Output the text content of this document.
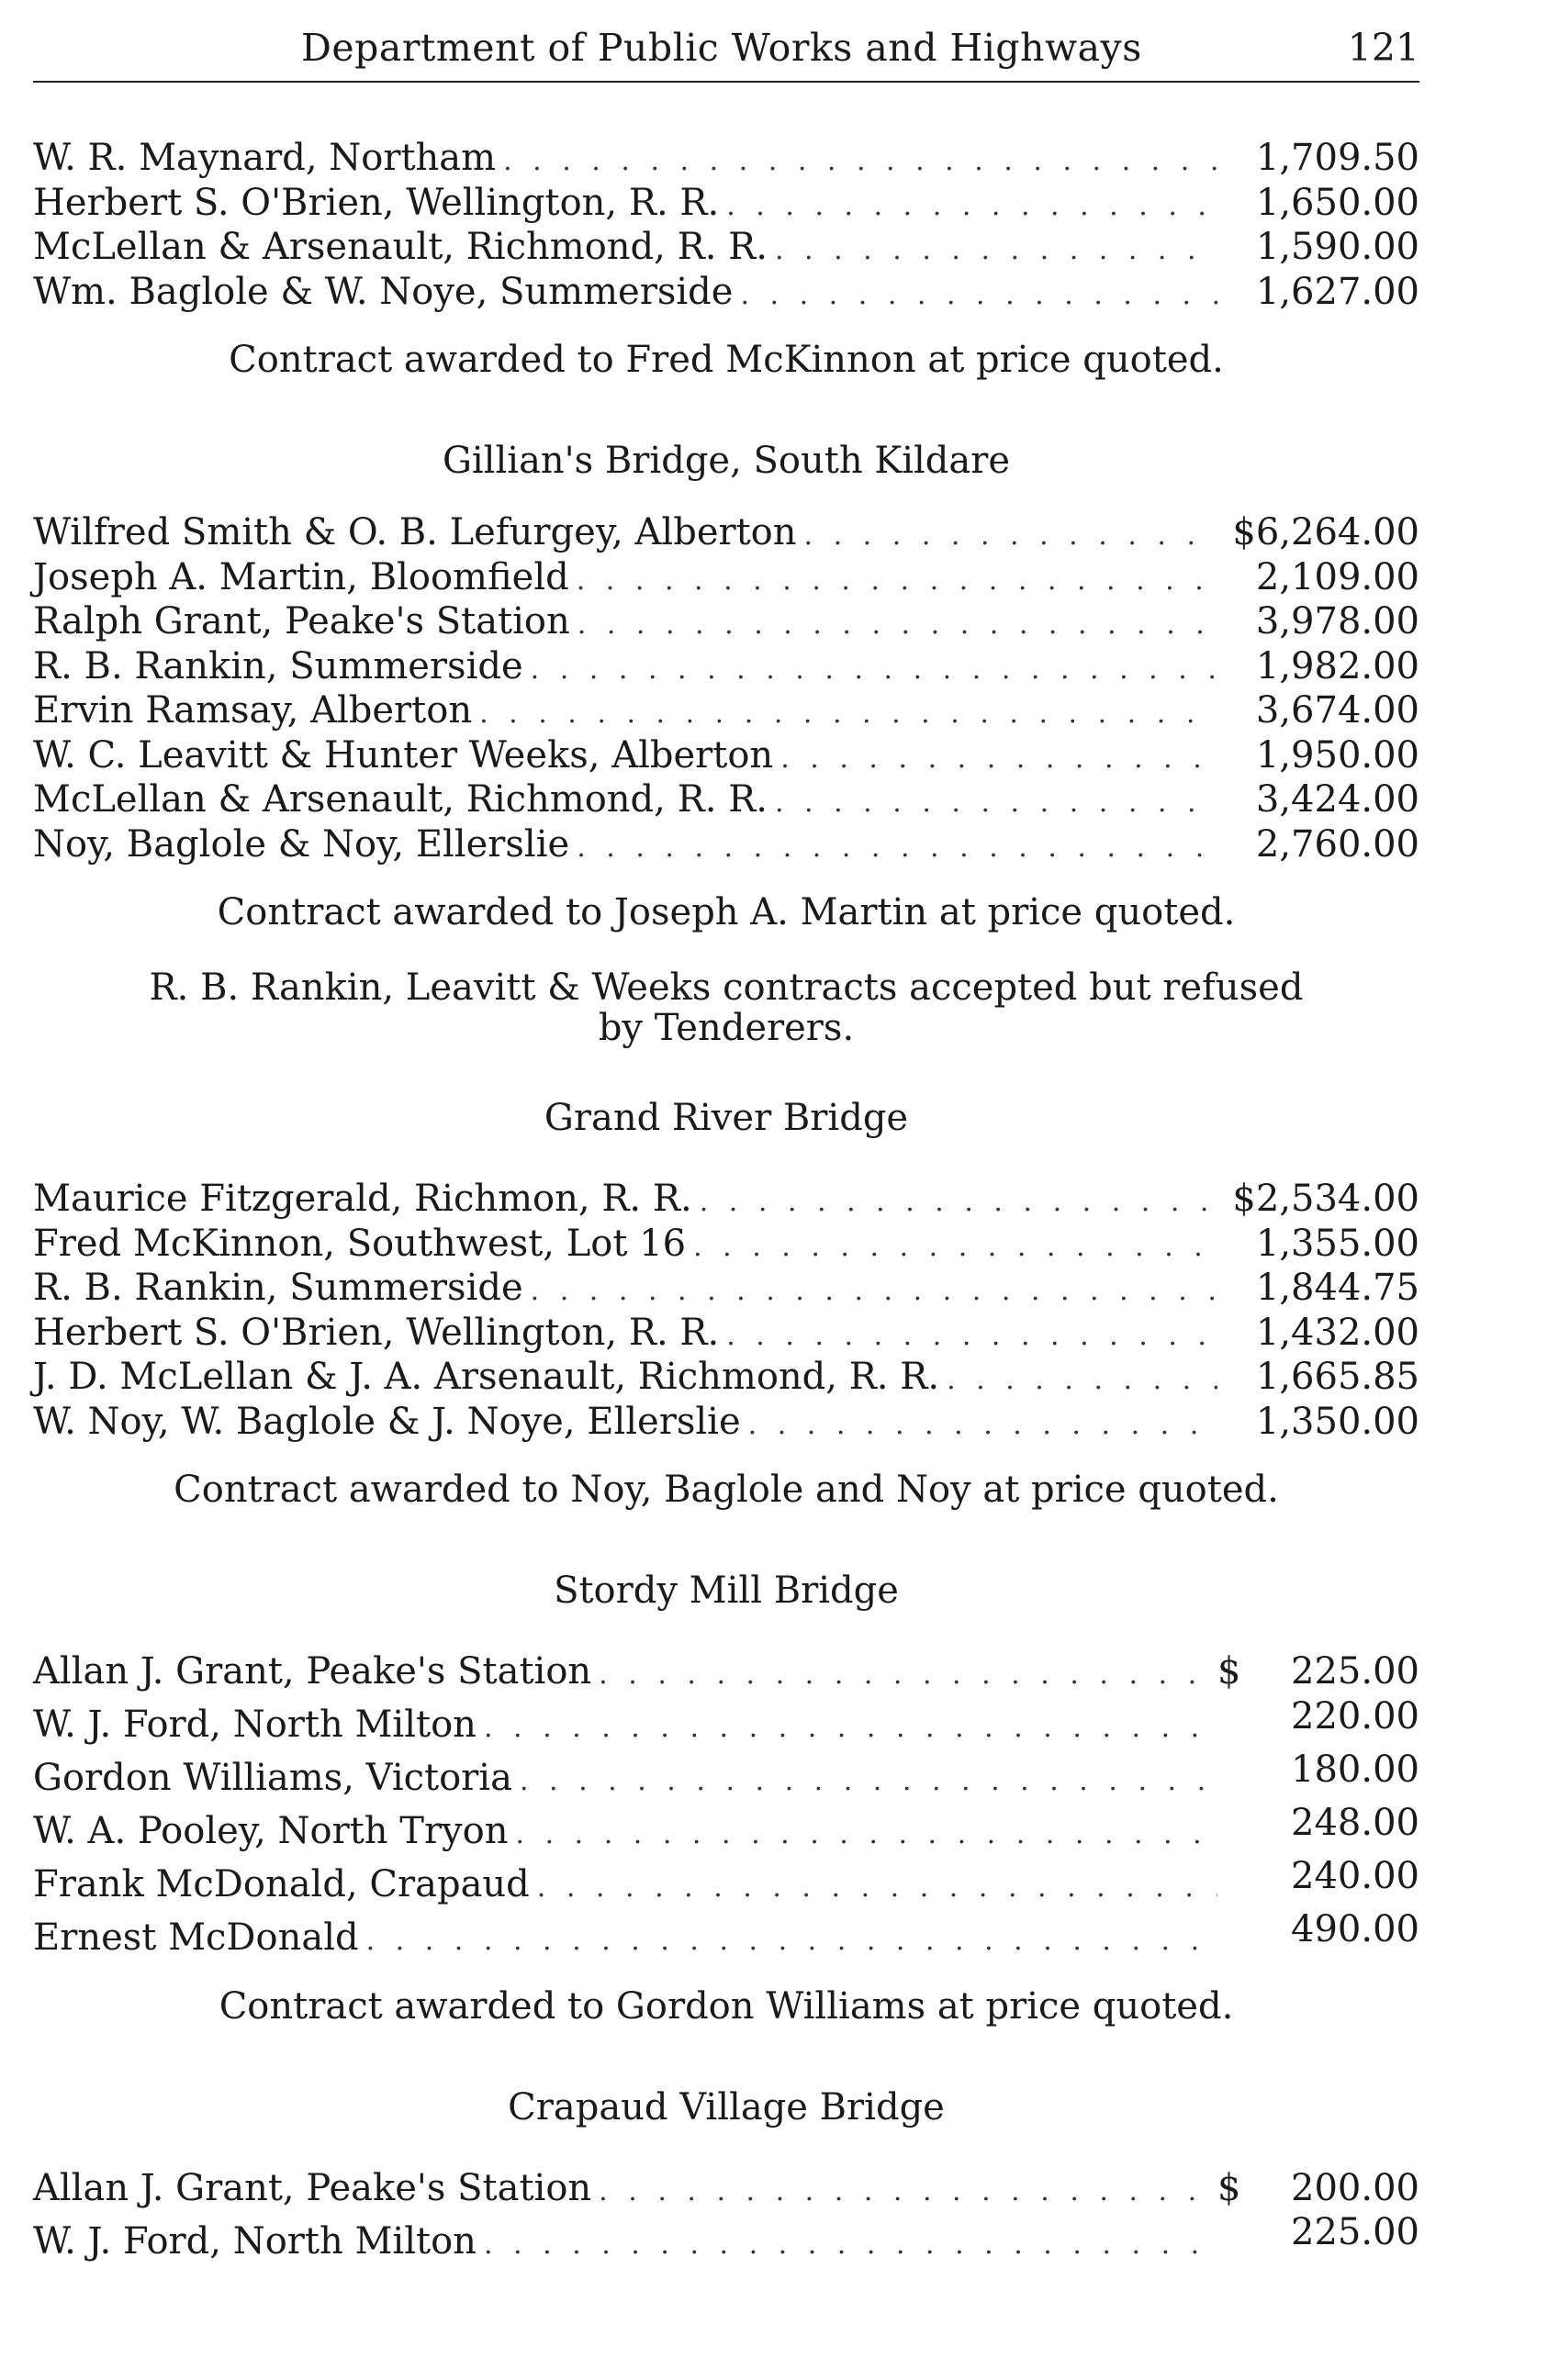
Department of Public Works and Highways	121
W. R. Maynard, Northam . . .	1,709.50
Herbert S. O'Brien, Wellington, R. R. . . .	1,650.00
McLellan & Arsenault, Richmond, R. R. . . .	1,590.00
Wm. Baglole & W. Noye, Summerside . . .	1,627.00
Contract awarded to Fred McKinnon at price quoted.
Gillian's Bridge, South Kildare
Wilfred Smith & O. B. Lefurgey, Alberton . . .	$6,264.00
Joseph A. Martin, Bloomfield . . .	2,109.00
Ralph Grant, Peake's Station . . .	3,978.00
R. B. Rankin, Summerside . . .	1,982.00
Ervin Ramsay, Alberton . . .	3,674.00
W. C. Leavitt & Hunter Weeks, Alberton . . .	1,950.00
McLellan & Arsenault, Richmond, R. R. . . .	3,424.00
Noy, Baglole & Noy, Ellerslie . . .	2,760.00
Contract awarded to Joseph A. Martin at price quoted.
R. B. Rankin, Leavitt & Weeks contracts accepted but refused
by Tenderers.
Grand River Bridge
Maurice Fitzgerald, Richmon, R. R. . . .	$2,534.00
Fred McKinnon, Southwest, Lot 16 . . .	1,355.00
R. B. Rankin, Summerside . . .	1,844.75
Herbert S. O'Brien, Wellington, R. R. . . .	1,432.00
J. D. McLellan & J. A. Arsenault, Richmond, R. R. . . .	1,665.85
W. Noy, W. Baglole & J. Noye, Ellerslie . . .	1,350.00
Contract awarded to Noy, Baglole and Noy at price quoted.
Stordy Mill Bridge
Allan J. Grant, Peake's Station . . .	$ 225.00
W. J. Ford, North Milton . . .	220.00
Gordon Williams, Victoria . . .	180.00
W. A. Pooley, North Tryon . . .	248.00
Frank McDonald, Crapaud . . .	240.00
Ernest McDonald . . .	490.00
Contract awarded to Gordon Williams at price quoted.
Crapaud Village Bridge
Allan J. Grant, Peake's Station . . .	$ 200.00
W. J. Ford, North Milton . . .	225.00
